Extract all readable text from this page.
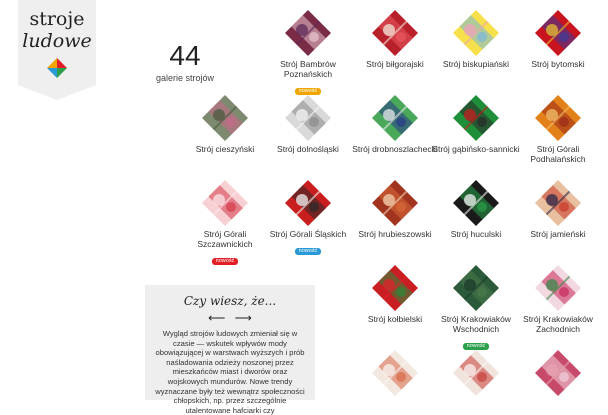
stroje
ludowe	44
galerie strojów
Strój Bambrów Poznańskich
nowość
Strój biłgorajski	Strój biskupiański	Strój bytomski
Strój cieszyński	Strój dolnośląski	Strój drobnoszlachecki
Strój gąbińsko-sannicki	Strój Górali Podhalańskich
Strój Górali Szczawnickich
nowość
Strój Górali Śląskich
nowość
Strój hrubieszowski	Strój huculski	Strój jamieński
Strój kołbielski	Strój Krakowiaków Wschodnich
nowość
Strój Krakowiaków Zachodnich
Czy wiesz, że...
⟵ ⟶
Wygląd strojów ludowych zmieniał się w czasie — wskutek wpływów mody obowiązującej w warstwach wyższych i prób naśladowania odzieży noszonej przez mieszkańców miast i dworów oraz wojskowych mundurów. Nowe trendy wyznaczane były też wewnątrz społeczności chłopskich, np. przez szczególnie utalentowane hafciarki czy
